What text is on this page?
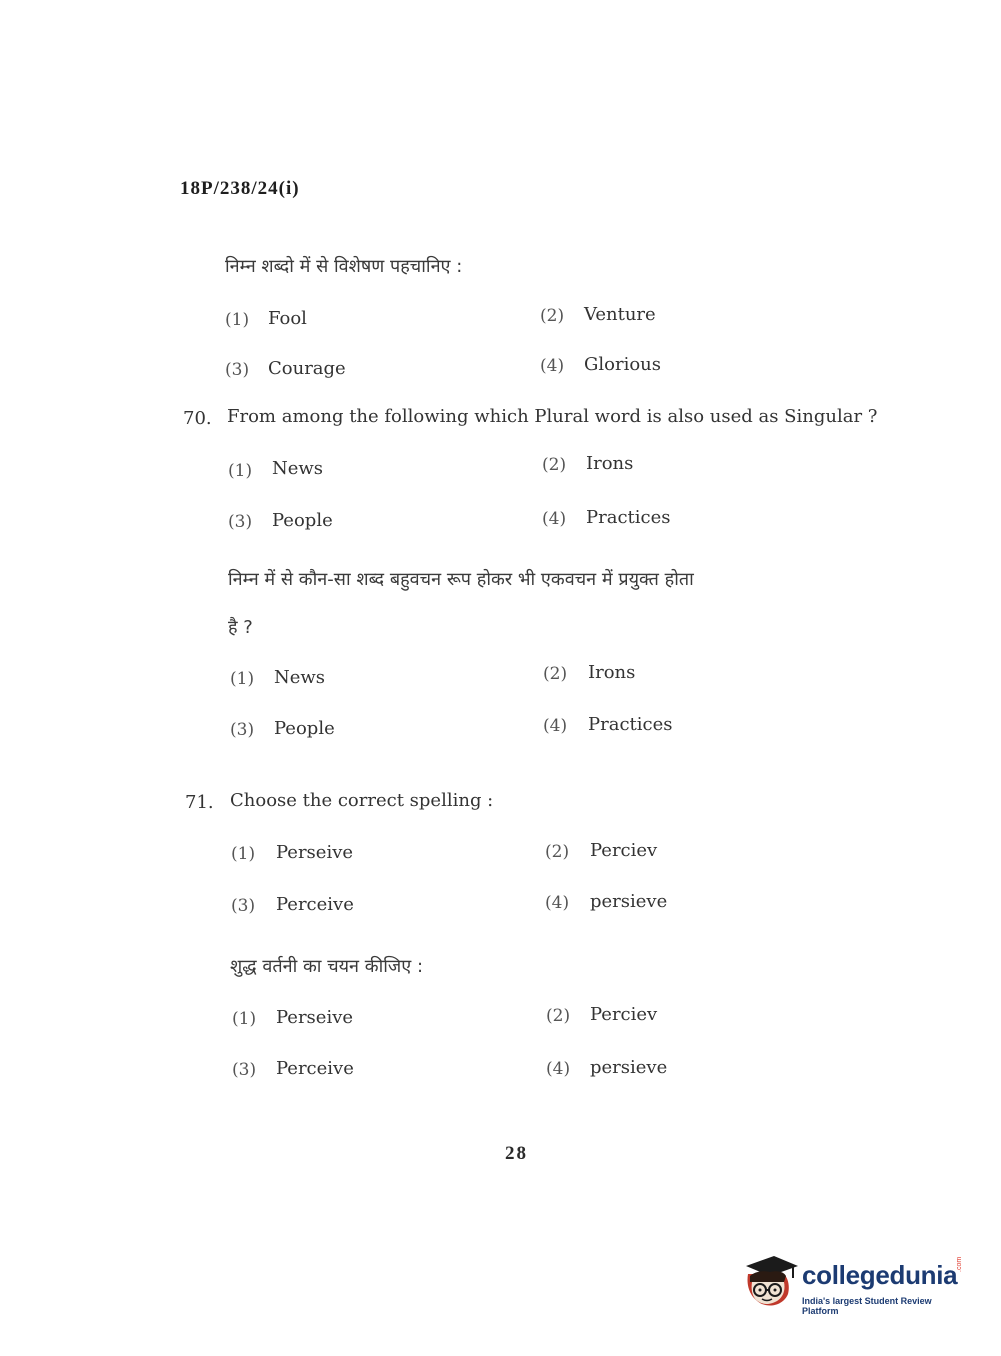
18P/238/24(i)
निम्न शब्दो में से विशेषण पहचानिए :
(1) Fool	(2) Venture
(3) Courage	(4) Glorious
70. From among the following which Plural word is also used as Singular ?
(1) News	(2) Irons
(3) People	(4) Practices
निम्न में से कौन-सा शब्द बहुवचन रूप होकर भी एकवचन में प्रयुक्त होता
है ?
(1) News	(2) Irons
(3) People	(4) Practices
71. Choose the correct spelling :
(1) Perseive	(2) Perciev
(3) Perceive	(4) persieve
शुद्ध वर्तनी का चयन कीजिए :
(1) Perseive	(2) Perciev
(3) Perceive	(4) persieve
28
collegedunia
.com
India's largest Student Review Platform
